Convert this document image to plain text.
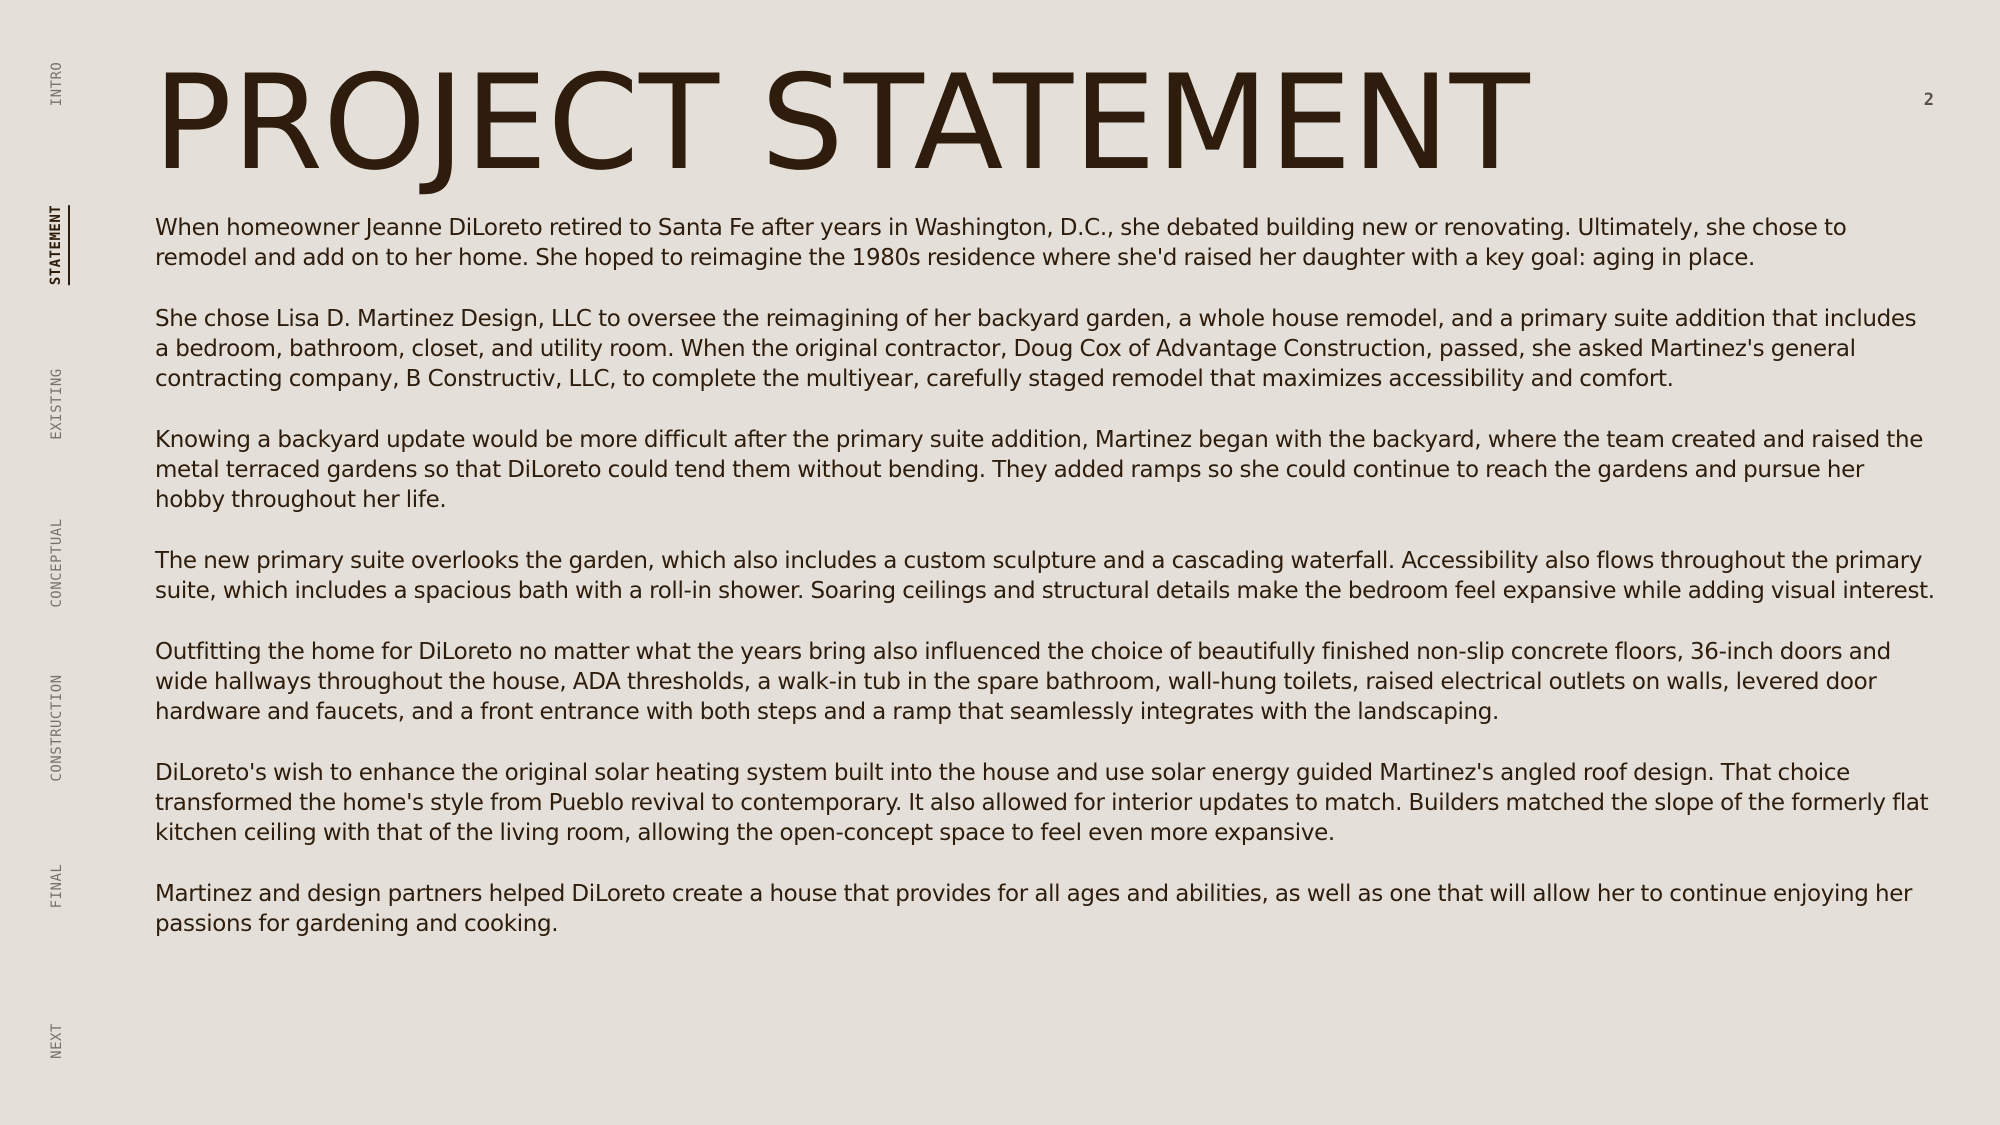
INTRO
STATEMENT
EXISTING
CONCEPTUAL
CONSTRUCTION
FINAL
NEXT
2
PROJECT STATEMENT

When homeowner Jeanne DiLoreto retired to Santa Fe after years in Washington, D.C., she debated building new or renovating. Ultimately, she chose to remodel and add on to her home. She hoped to reimagine the 1980s residence where she'd raised her daughter with a key goal: aging in place.

She chose Lisa D. Martinez Design, LLC to oversee the reimagining of her backyard garden, a whole house remodel, and a primary suite addition that includes a bedroom, bathroom, closet, and utility room. When the original contractor, Doug Cox of Advantage Construction, passed, she asked Martinez's general contracting company, B Constructiv, LLC, to complete the multiyear, carefully staged remodel that maximizes accessibility and comfort.

Knowing a backyard update would be more difficult after the primary suite addition, Martinez began with the backyard, where the team created and raised the metal terraced gardens so that DiLoreto could tend them without bending. They added ramps so she could continue to reach the gardens and pursue her hobby throughout her life.

The new primary suite overlooks the garden, which also includes a custom sculpture and a cascading waterfall. Accessibility also flows throughout the primary suite, which includes a spacious bath with a roll-in shower. Soaring ceilings and structural details make the bedroom feel expansive while adding visual interest.

Outfitting the home for DiLoreto no matter what the years bring also influenced the choice of beautifully finished non-slip concrete floors, 36-inch doors and wide hallways throughout the house, ADA thresholds, a walk-in tub in the spare bathroom, wall-hung toilets, raised electrical outlets on walls, levered door hardware and faucets, and a front entrance with both steps and a ramp that seamlessly integrates with the landscaping.

DiLoreto's wish to enhance the original solar heating system built into the house and use solar energy guided Martinez's angled roof design. That choice transformed the home's style from Pueblo revival to contemporary. It also allowed for interior updates to match. Builders matched the slope of the formerly flat kitchen ceiling with that of the living room, allowing the open-concept space to feel even more expansive.

Martinez and design partners helped DiLoreto create a house that provides for all ages and abilities, as well as one that will allow her to continue enjoying her passions for gardening and cooking.
